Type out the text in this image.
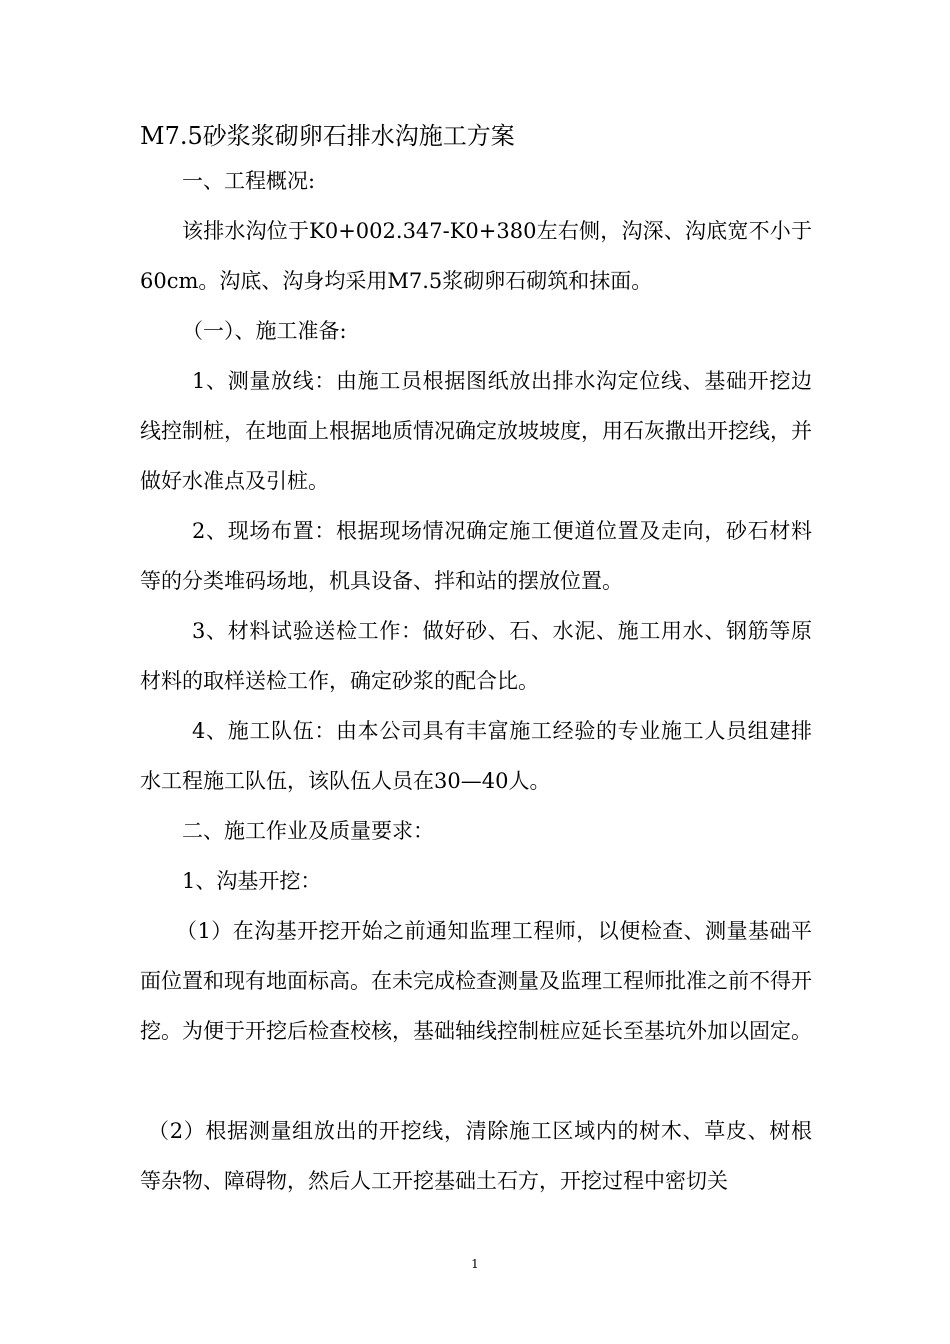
M7.5砂浆浆砌卵石排水沟施工方案
一、工程概况:
该排水沟位于K0+002.347-K0+380左右侧，沟深、沟底宽不小于60cm。沟底、沟身均采用M7.5浆砌卵石砌筑和抹面。
（一）、施工准备:
1、测量放线：由施工员根据图纸放出排水沟定位线、基础开挖边线控制桩，在地面上根据地质情况确定放坡坡度，用石灰撒出开挖线，并做好水准点及引桩。
2、现场布置：根据现场情况确定施工便道位置及走向，砂石材料等的分类堆码场地，机具设备、拌和站的摆放位置。
3、材料试验送检工作：做好砂、石、水泥、施工用水、钢筋等原材料的取样送检工作，确定砂浆的配合比。
4、施工队伍：由本公司具有丰富施工经验的专业施工人员组建排水工程施工队伍，该队伍人员在30—40人。
二、施工作业及质量要求：
1、沟基开挖：
（1）在沟基开挖开始之前通知监理工程师，以便检查、测量基础平面位置和现有地面标高。在未完成检查测量及监理工程师批准之前不得开挖。为便于开挖后检查校核，基础轴线控制桩应延长至基坑外加以固定。
（2）根据测量组放出的开挖线，清除施工区域内的树木、草皮、树根等杂物、障碍物，然后人工开挖基础土石方，开挖过程中密切关
1
